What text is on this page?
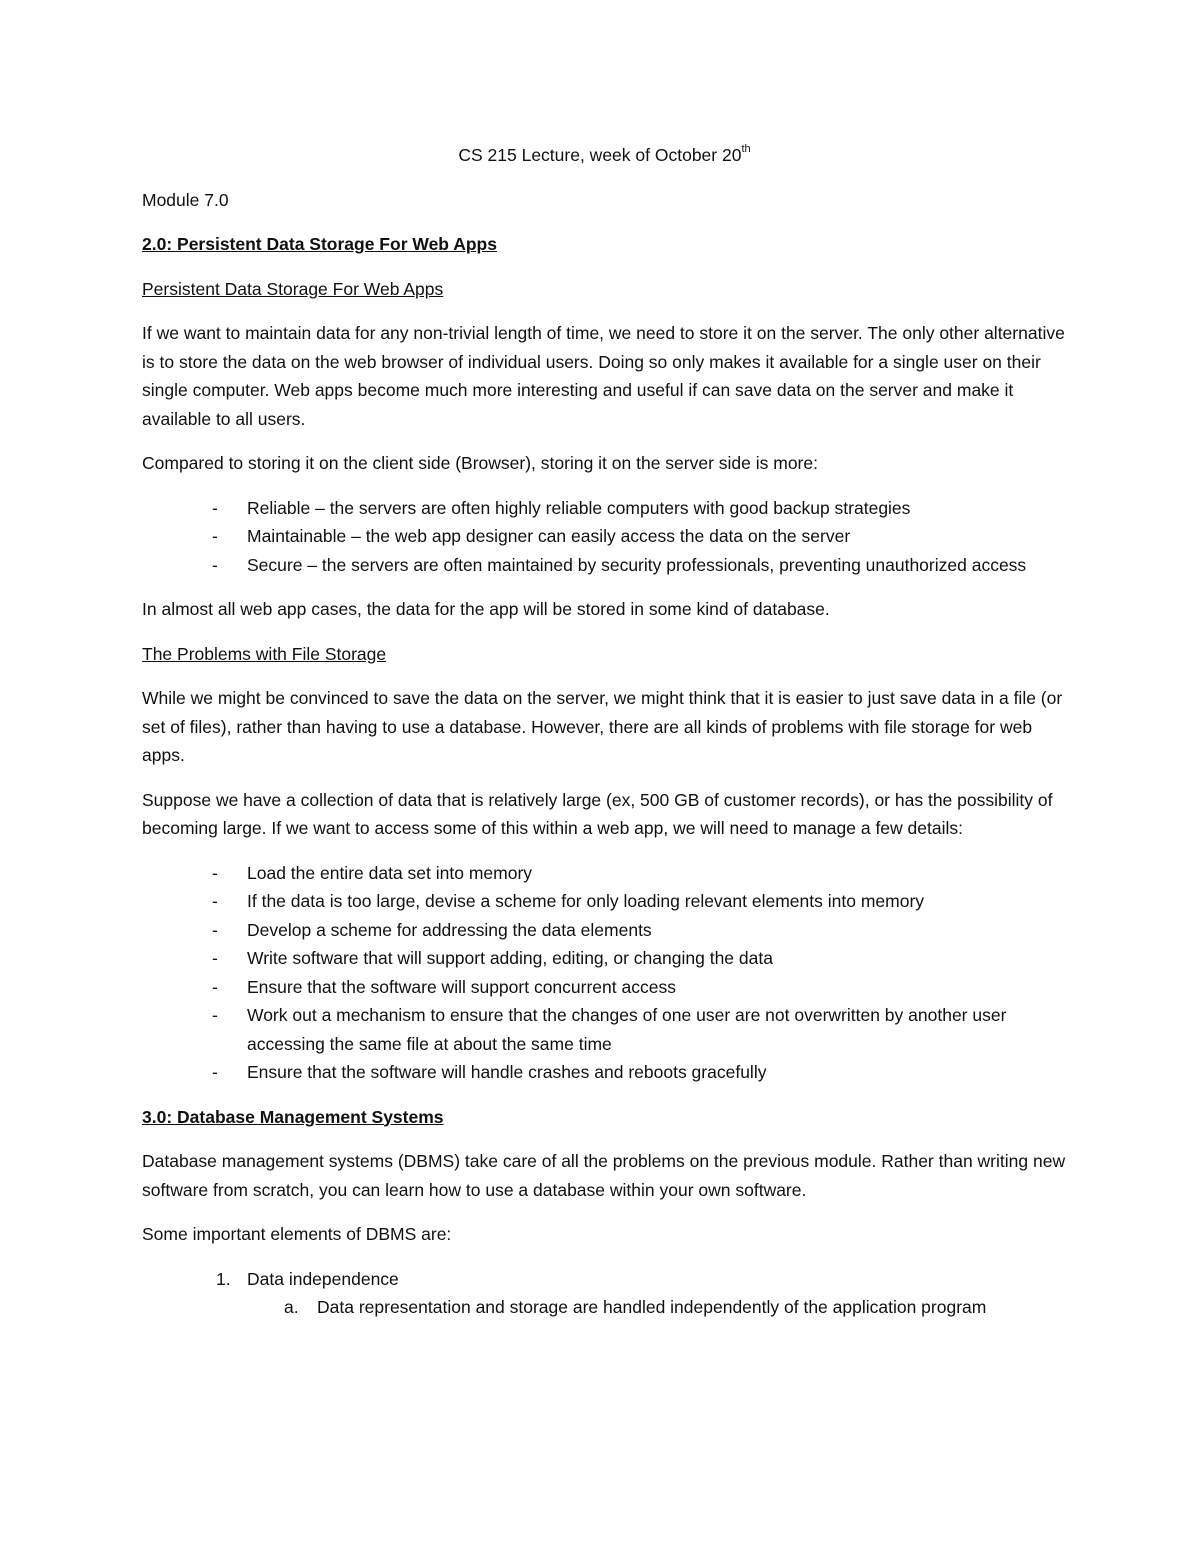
CS 215 Lecture, week of October 20th

Module 7.0

2.0: Persistent Data Storage For Web Apps

Persistent Data Storage For Web Apps

If we want to maintain data for any non-trivial length of time, we need to store it on the server. The only other alternative is to store the data on the web browser of individual users. Doing so only makes it available for a single user on their single computer. Web apps become much more interesting and useful if can save data on the server and make it available to all users.

Compared to storing it on the client side (Browser), storing it on the server side is more:

- Reliable – the servers are often highly reliable computers with good backup strategies
- Maintainable – the web app designer can easily access the data on the server
- Secure – the servers are often maintained by security professionals, preventing unauthorized access

In almost all web app cases, the data for the app will be stored in some kind of database.

The Problems with File Storage

While we might be convinced to save the data on the server, we might think that it is easier to just save data in a file (or set of files), rather than having to use a database. However, there are all kinds of problems with file storage for web apps.

Suppose we have a collection of data that is relatively large (ex, 500 GB of customer records), or has the possibility of becoming large. If we want to access some of this within a web app, we will need to manage a few details:

- Load the entire data set into memory
- If the data is too large, devise a scheme for only loading relevant elements into memory
- Develop a scheme for addressing the data elements
- Write software that will support adding, editing, or changing the data
- Ensure that the software will support concurrent access
- Work out a mechanism to ensure that the changes of one user are not overwritten by another user accessing the same file at about the same time
- Ensure that the software will handle crashes and reboots gracefully

3.0: Database Management Systems

Database management systems (DBMS) take care of all the problems on the previous module. Rather than writing new software from scratch, you can learn how to use a database within your own software.

Some important elements of DBMS are:

1. Data independence
a. Data representation and storage are handled independently of the application program
